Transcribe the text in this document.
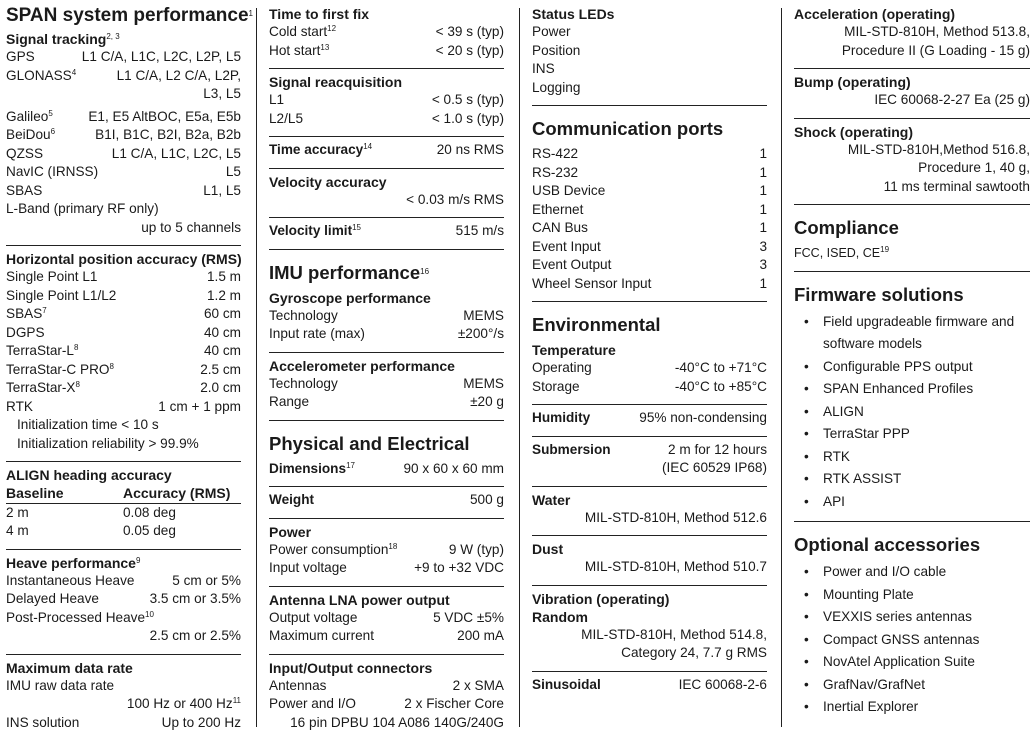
SPAN system performance$^1$
Signal tracking$^{2, 3}$
GPS	L1 C/A, L1C, L2C, L2P, L5
GLONASS$^4$	L1 C/A, L2 C/A, L2P,
L3, L5
Galileo$^5$	E1, E5 AltBOC, E5a, E5b
BeiDou$^6$	B1I, B1C, B2I, B2a, B2b
QZSS	L1 C/A, L1C, L2C, L5
NavIC (IRNSS)	L5
SBAS	L1, L5
L-Band (primary RF only)
up to 5 channels
Horizontal position accuracy (RMS)
Single Point L1	1.5 m
Single Point L1/L2	1.2 m
SBAS$^7$	60 cm
DGPS	40 cm
TerraStar-$L^8$	40 cm
TerraStar-C PRO$^8$	2.5 cm
TerraStar-$X^8$	2.0 cm
RTK	1 cm + 1 ppm
Initialization time < 10 s
Initialization reliability > 99.9%
ALIGN heading accuracy
Baseline	Accuracy (RMS)
2 m	0.08 deg
4 m	0.05 deg
Heave performance$^9$
Instantaneous Heave	5 cm or 5%
Delayed Heave	3.5 cm or 3.5%
Post-Processed Heave$^{10}$
2.5 cm or 2.5%
Maximum data rate
IMU raw data rate
100 Hz or 400 Hz$^{11}$
INS solution	Up to 200 Hz
Time to first fix
Cold start$^{12}$	< 39 s (typ)
Hot start$^{13}$	< 20 s (typ)
Signal reacquisition
L1	< 0.5 s (typ)
L2/L5	< 1.0 s (typ)
Time accuracy$^{14}$	20 ns RMS
Velocity accuracy
< 0.03 m/s RMS
Velocity limit$^{15}$	515 m/s
IMU performance$^{16}$
Gyroscope performance
Technology	MEMS
Input rate (max)	±200°/s
Accelerometer performance
Technology	MEMS
Range	±20 g
Physical and Electrical
Dimensions$^{17}$	90 x 60 x 60 mm
Weight	500 g
Power
Power consumption$^{18}$	9 W (typ)
Input voltage	+9 to +32 VDC
Antenna LNA power output
Output voltage	5 VDC ±5%
Maximum current	200 mA
Input/Output connectors
Antennas	2 x SMA
Power and I/O	2 x Fischer Core
16 pin DPBU 104 A086 140G/240G
Status LEDs
Power
Position
INS
Logging
Communication ports
RS-422	1
RS-232	1
USB Device	1
Ethernet	1
CAN Bus	1
Event Input	3
Event Output	3
Wheel Sensor Input	1
Environmental
Temperature
Operating	-40°C to +71°C
Storage	-40°C to +85°C
Humidity	95% non-condensing
Submersion	2 m for 12 hours
(IEC 60529 IP68)
Water
MIL-STD-810H, Method 512.6
Dust
MIL-STD-810H, Method 510.7
Vibration (operating)
Random
MIL-STD-810H, Method 514.8,
Category 24, 7.7 g RMS
Sinusoidal	IEC 60068-2-6
Acceleration (operating)
MIL-STD-810H, Method 513.8,
Procedure II (G Loading - 15 g)
Bump (operating)
IEC 60068-2-27 Ea (25 g)
Shock (operating)
MIL-STD-810H,Method 516.8,
Procedure 1, 40 g,
11 ms terminal sawtooth
Compliance
FCC, ISED, CE$^{19}$
Firmware solutions
• Field upgradeable firmware and software models
• Configurable PPS output
• SPAN Enhanced Profiles
• ALIGN
• TerraStar PPP
• RTK
• RTK ASSIST
• API
Optional accessories
• Power and I/O cable
• Mounting Plate
• VEXXIS series antennas
• Compact GNSS antennas
• NovAtel Application Suite
• GrafNav/GrafNet
• Inertial Explorer
